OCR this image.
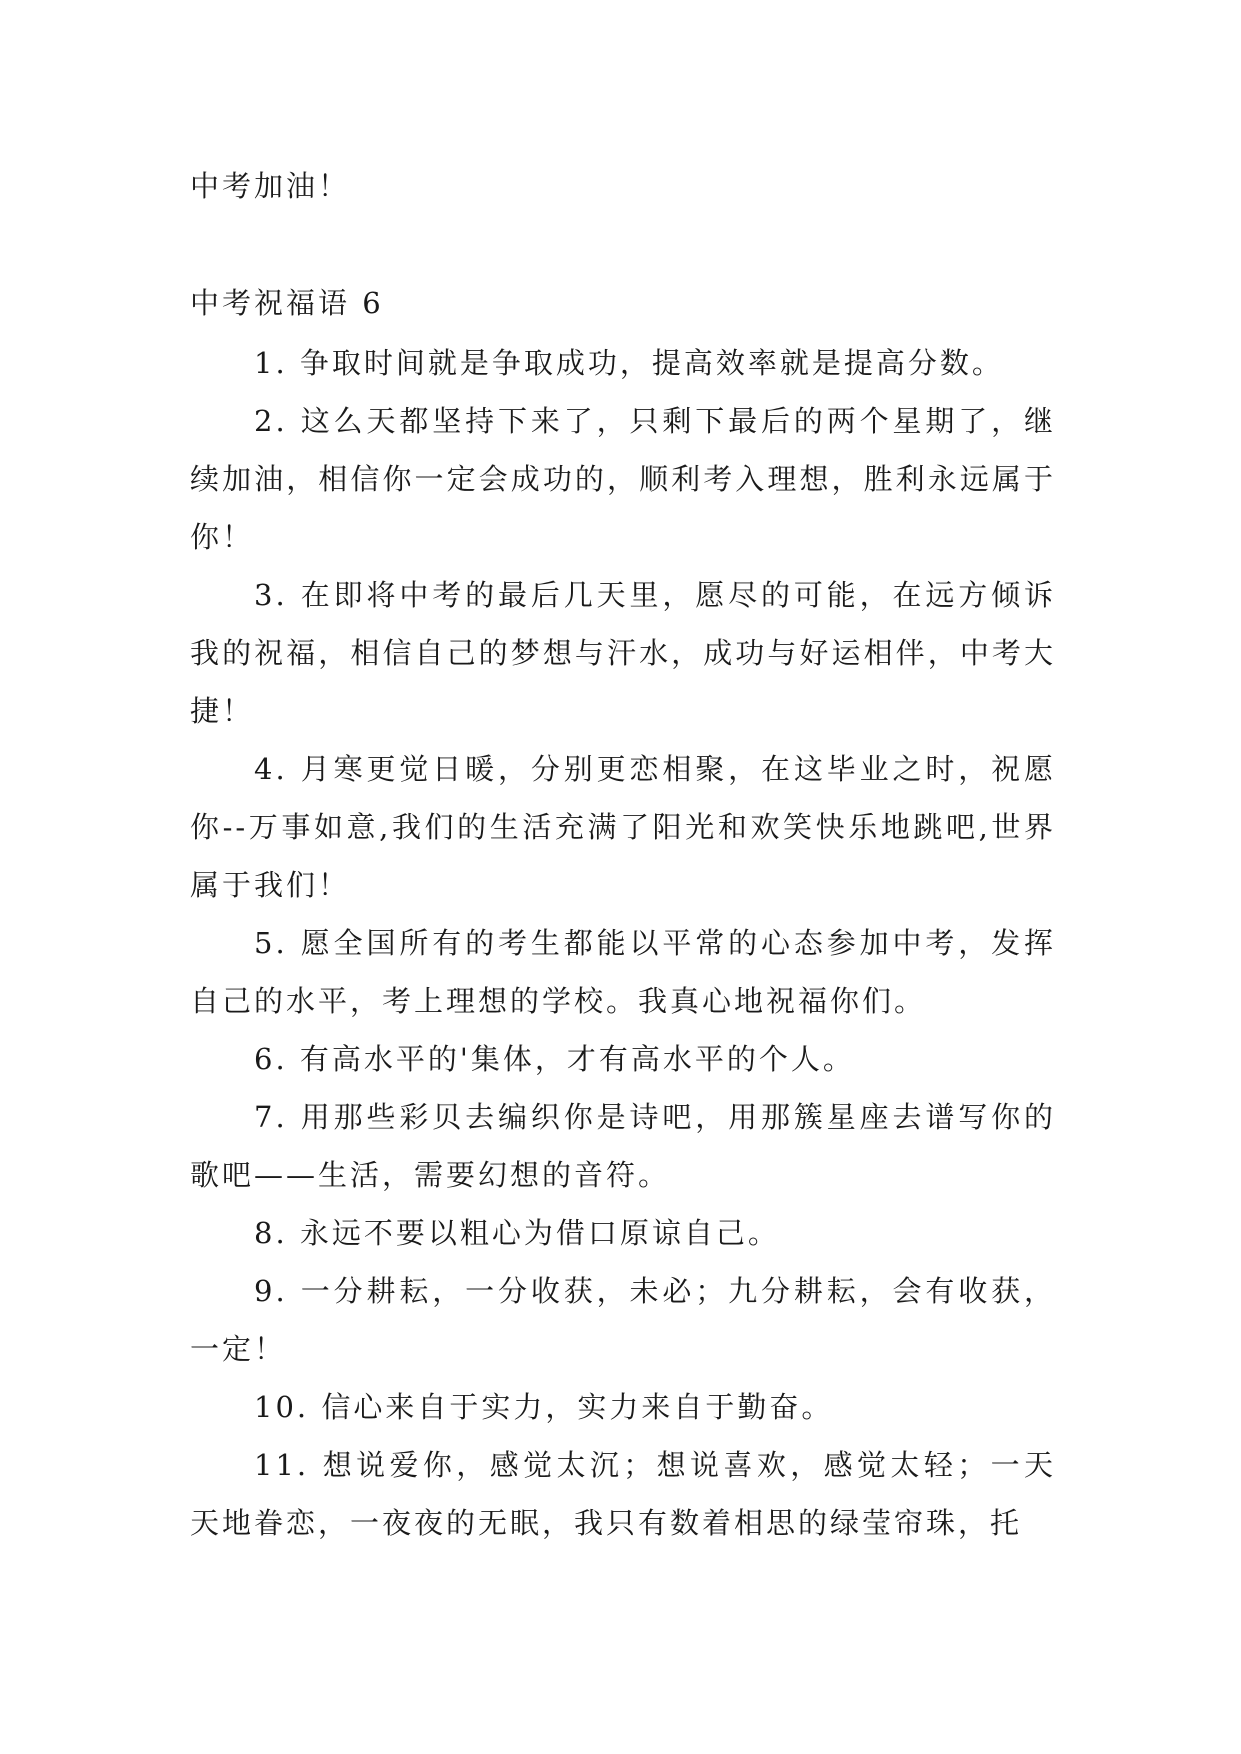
中考加油！

中考祝福语 6
1. 争取时间就是争取成功，提高效率就是提高分数。
2. 这么天都坚持下来了，只剩下最后的两个星期了，继续加油，相信你一定会成功的，顺利考入理想，胜利永远属于你！
3. 在即将中考的最后几天里，愿尽的可能，在远方倾诉我的祝福，相信自己的梦想与汗水，成功与好运相伴，中考大捷！
4. 月寒更觉日暖，分别更恋相聚，在这毕业之时，祝愿你--万事如意,我们的生活充满了阳光和欢笑快乐地跳吧,世界属于我们！
5. 愿全国所有的考生都能以平常的心态参加中考，发挥自己的水平，考上理想的学校。我真心地祝福你们。
6. 有高水平的'集体，才有高水平的个人。
7. 用那些彩贝去编织你是诗吧，用那簇星座去谱写你的歌吧——生活，需要幻想的音符。
8. 永远不要以粗心为借口原谅自己。
9. 一分耕耘，一分收获，未必；九分耕耘，会有收获，一定！
10. 信心来自于实力，实力来自于勤奋。
11. 想说爱你，感觉太沉；想说喜欢，感觉太轻；一天天地眷恋，一夜夜的无眠，我只有数着相思的绿莹帘珠，托
